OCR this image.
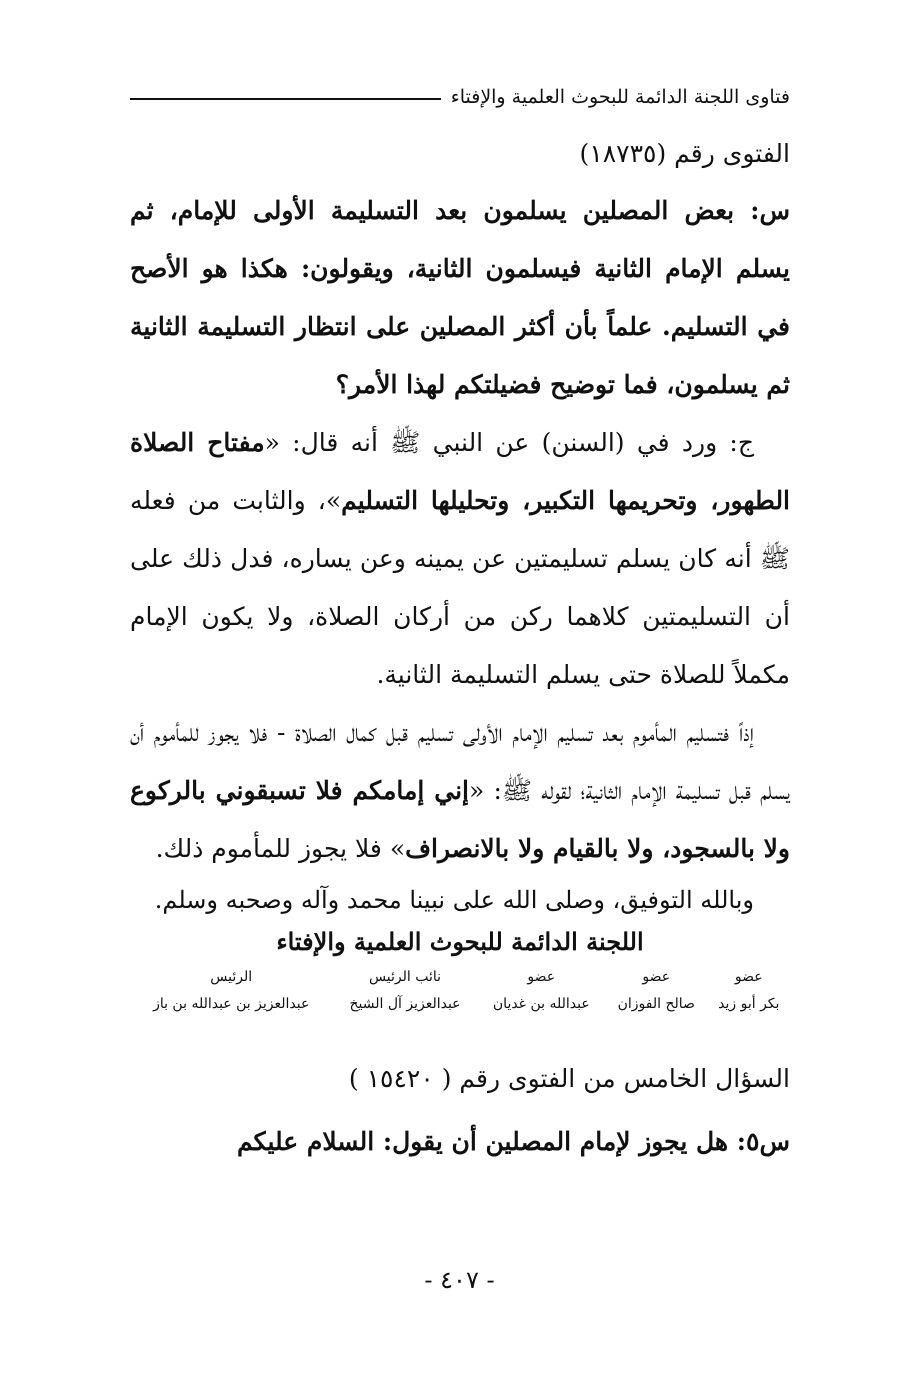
فتاوى اللجنة الدائمة للبحوث العلمية والإفتاء
الفتوى رقم (١٨٧٣٥)

س: بعض المصلين يسلمون بعد التسليمة الأولى للإمام، ثم يسلم الإمام الثانية فيسلمون الثانية، ويقولون: هكذا هو الأصح في التسليم. علماً بأن أكثر المصلين على انتظار التسليمة الثانية ثم يسلمون، فما توضيح فضيلتكم لهذا الأمر؟

ج: ورد في (السنن) عن النبي ﷺ أنه قال: «مفتاح الصلاة الطهور، وتحريمها التكبير، وتحليلها التسليم»، والثابت من فعله ﷺ أنه كان يسلم تسليمتين عن يمينه وعن يساره، فدل ذلك على أن التسليمتين كلاهما ركن من أركان الصلاة، ولا يكون الإمام مكملاً للصلاة حتى يسلم التسليمة الثانية.

إذاً فتسليم المأموم بعد تسليم الإمام الأولى تسليم قبل كمال الصلاة - فلا يجوز للمأموم أن يسلم قبل تسليمة الإمام الثانية؛ لقوله ﷺ: «إني إمامكم فلا تسبقوني بالركوع ولا بالسجود، ولا بالقيام ولا بالانصراف» فلا يجوز للمأموم ذلك.

وبالله التوفيق، وصلى الله على نبينا محمد وآله وصحبه وسلم.

اللجنة الدائمة للبحوث العلمية والإفتاء

عضو	عضو	عضو	نائب الرئيس	الرئيس
بكر أبو زيد	صالح الفوزان	عبدالله بن غديان	عبدالعزيز آل الشيخ	عبدالعزيز بن عبدالله بن باز
السؤال الخامس من الفتوى رقم ( ١٥٤٢٠ )
س٥: هل يجوز لإمام المصلين أن يقول: السلام عليكم
- ٤٠٧ -
